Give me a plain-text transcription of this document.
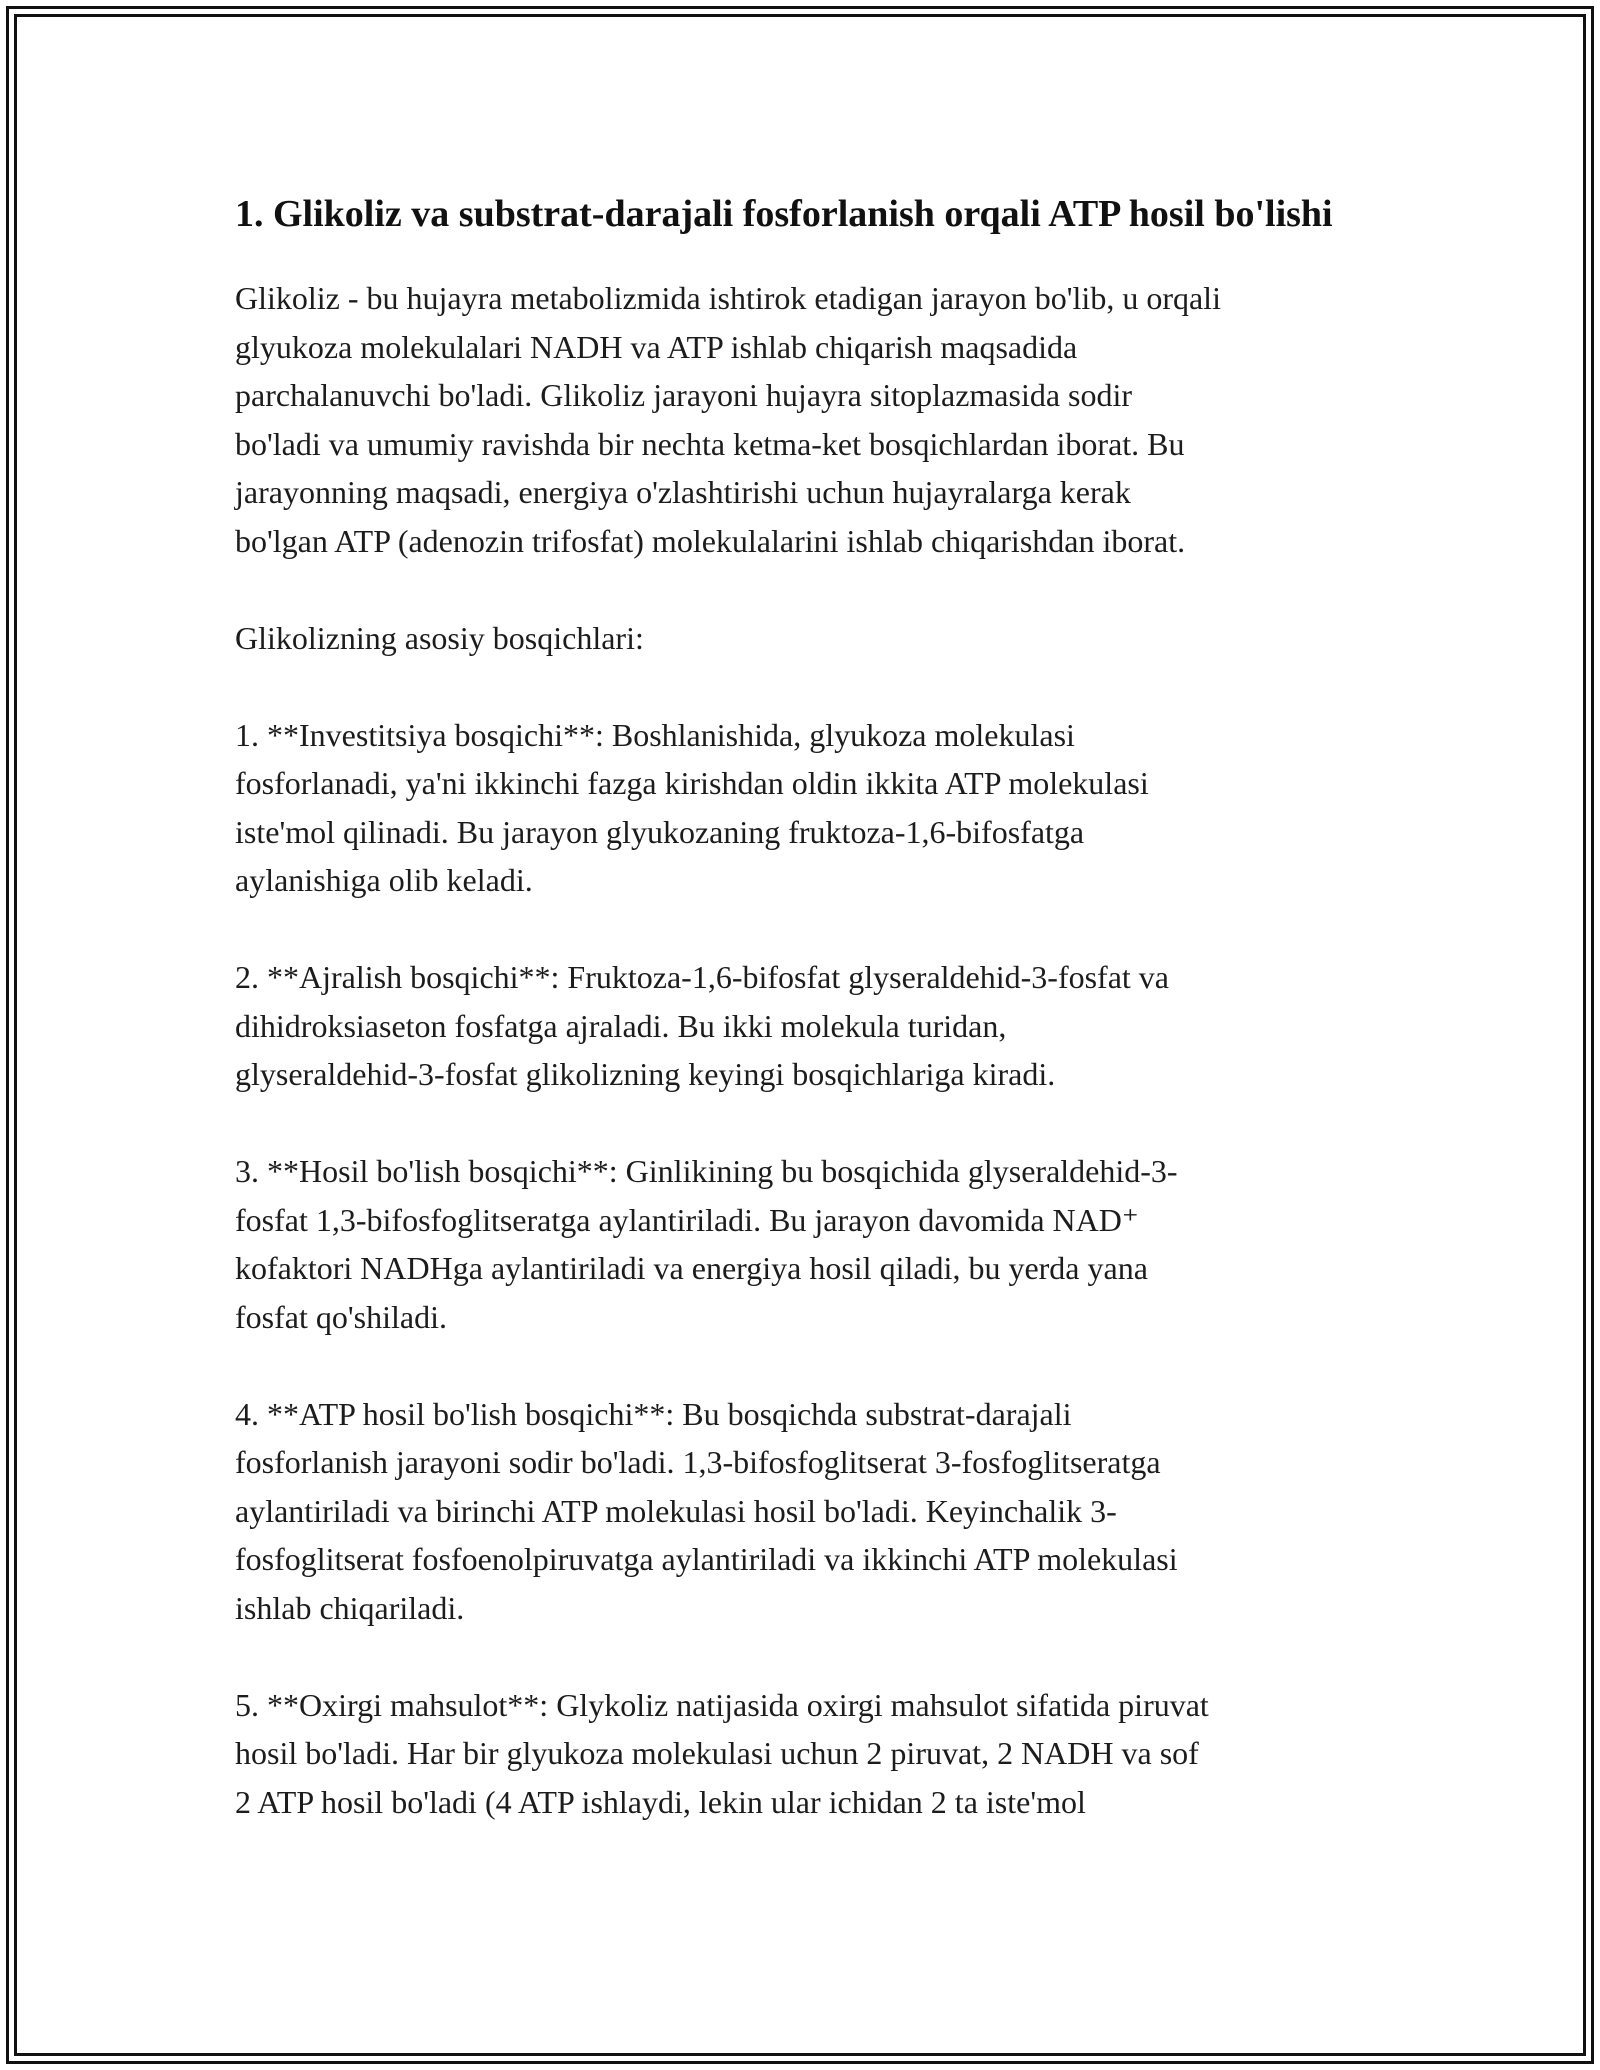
1. Glikoliz va substrat-darajali fosforlanish orqali ATP hosil bo'lishi

Glikoliz - bu hujayra metabolizmida ishtirok etadigan jarayon bo'lib, u orqali
glyukoza molekulalari NADH va ATP ishlab chiqarish maqsadida
parchalanuvchi bo'ladi. Glikoliz jarayoni hujayra sitoplazmasida sodir
bo'ladi va umumiy ravishda bir nechta ketma-ket bosqichlardan iborat. Bu
jarayonning maqsadi, energiya o'zlashtirishi uchun hujayralarga kerak
bo'lgan ATP (adenozin trifosfat) molekulalarini ishlab chiqarishdan iborat.

Glikolizning asosiy bosqichlari:

1. **Investitsiya bosqichi**: Boshlanishida, glyukoza molekulasi
fosforlanadi, ya'ni ikkinchi fazga kirishdan oldin ikkita ATP molekulasi
iste'mol qilinadi. Bu jarayon glyukozaning fruktoza-1,6-bifosfatga
aylanishiga olib keladi.

2. **Ajralish bosqichi**: Fruktoza-1,6-bifosfat glyseraldehid-3-fosfat va
dihidroksiaseton fosfatga ajraladi. Bu ikki molekula turidan,
glyseraldehid-3-fosfat glikolizning keyingi bosqichlariga kiradi.

3. **Hosil bo'lish bosqichi**: Ginlikining bu bosqichida glyseraldehid-3-
fosfat 1,3-bifosfoglitseratga aylantiriladi. Bu jarayon davomida NAD⁺
kofaktori NADHga aylantiriladi va energiya hosil qiladi, bu yerda yana
fosfat qo'shiladi.

4. **ATP hosil bo'lish bosqichi**: Bu bosqichda substrat-darajali
fosforlanish jarayoni sodir bo'ladi. 1,3-bifosfoglitserat 3-fosfoglitseratga
aylantiriladi va birinchi ATP molekulasi hosil bo'ladi. Keyinchalik 3-
fosfoglitserat fosfoenolpiruvatga aylantiriladi va ikkinchi ATP molekulasi
ishlab chiqariladi.

5. **Oxirgi mahsulot**: Glykoliz natijasida oxirgi mahsulot sifatida piruvat
hosil bo'ladi. Har bir glyukoza molekulasi uchun 2 piruvat, 2 NADH va sof
2 ATP hosil bo'ladi (4 ATP ishlaydi, lekin ular ichidan 2 ta iste'mol
